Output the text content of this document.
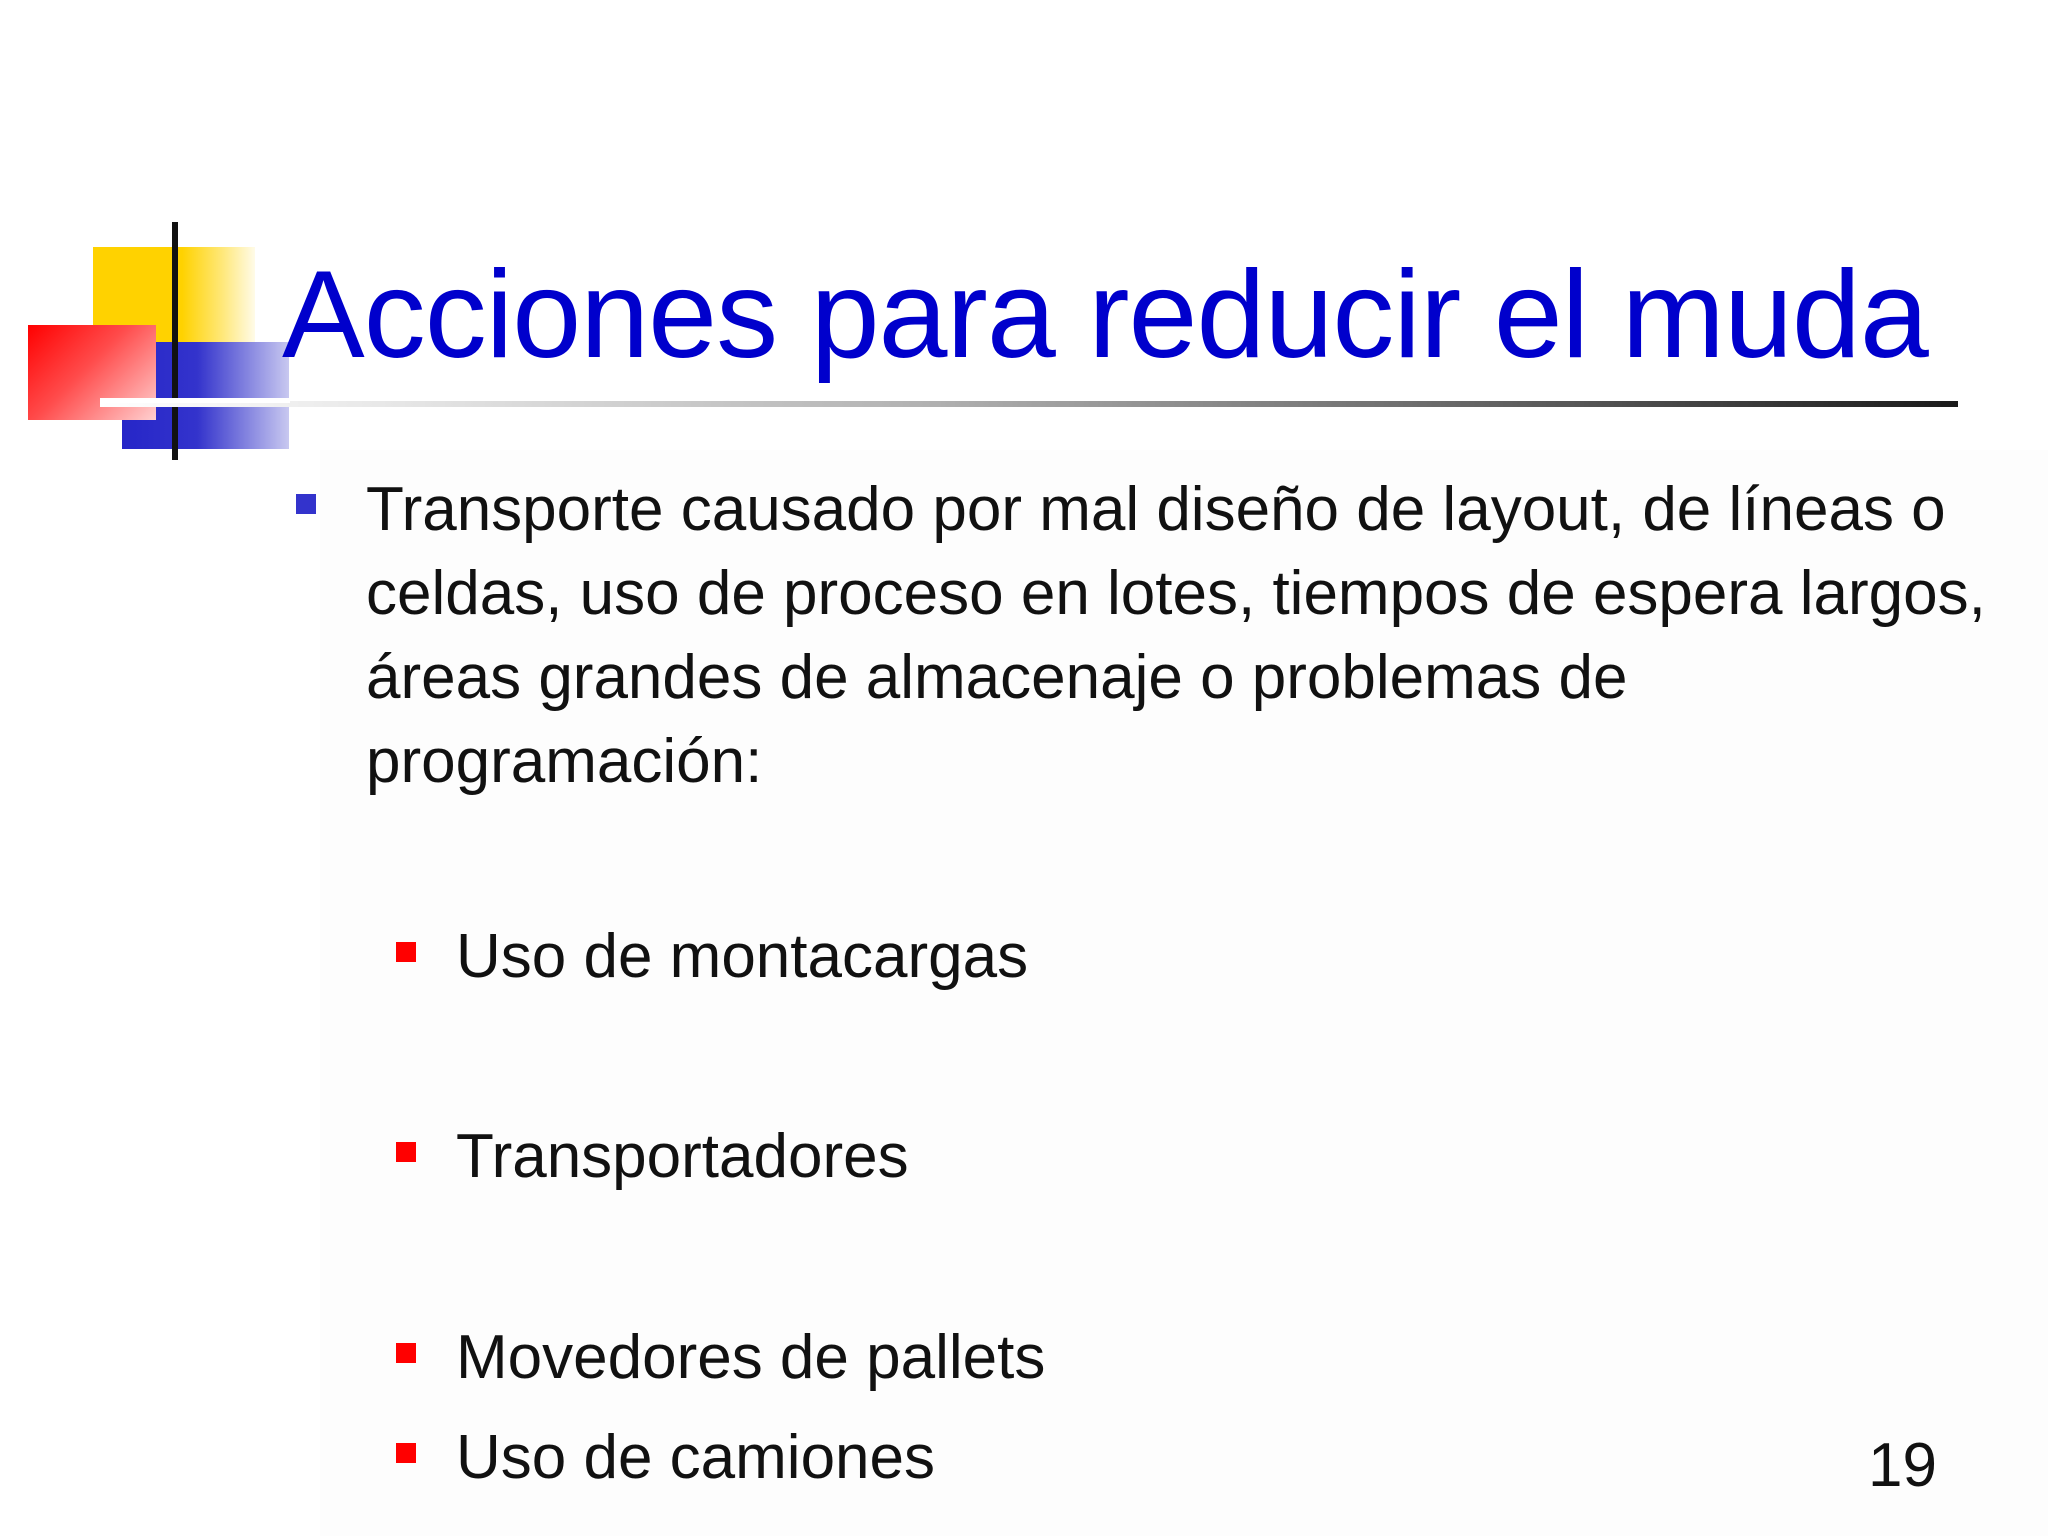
Acciones para reducir el muda
Transporte causado por mal diseño de layout, de líneas o celdas, uso de proceso en lotes, tiempos de espera largos, áreas grandes de almacenaje o problemas de programación:
Uso de montacargas
Transportadores
Movedores de pallets
Uso de camiones	19
